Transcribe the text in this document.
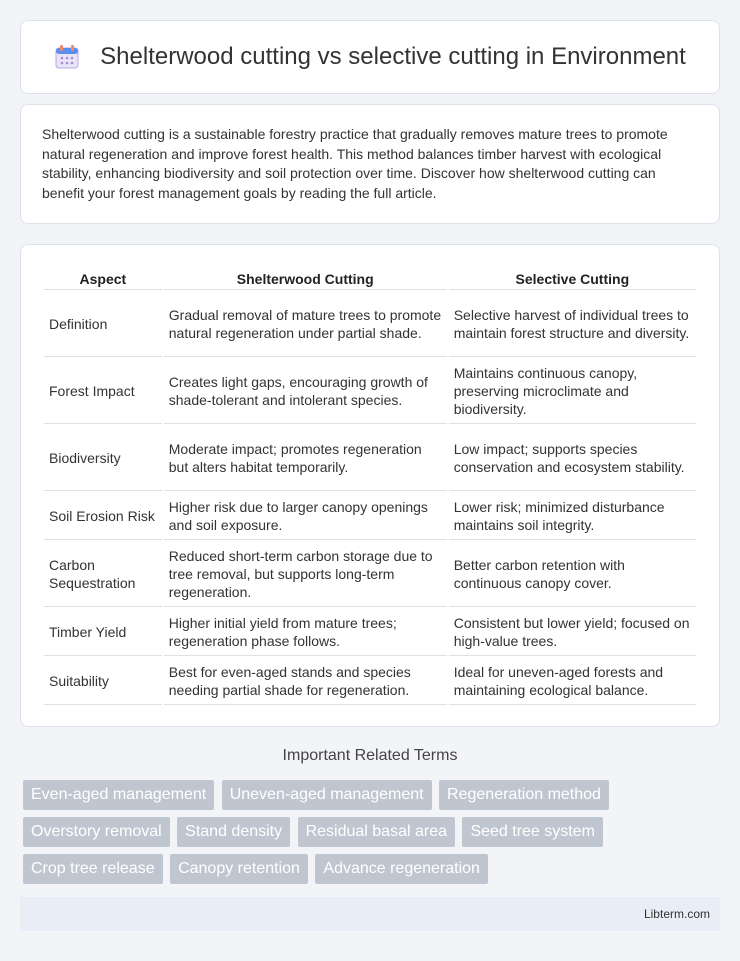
Shelterwood cutting vs selective cutting in Environment

Shelterwood cutting is a sustainable forestry practice that gradually removes mature trees to promote natural regeneration and improve forest health. This method balances timber harvest with ecological stability, enhancing biodiversity and soil protection over time. Discover how shelterwood cutting can benefit your forest management goals by reading the full article.

Aspect	Shelterwood Cutting	Selective Cutting
Definition	Gradual removal of mature trees to promote natural regeneration under partial shade.	Selective harvest of individual trees to maintain forest structure and diversity.
Forest Impact	Creates light gaps, encouraging growth of shade-tolerant and intolerant species.	Maintains continuous canopy, preserving microclimate and biodiversity.
Biodiversity	Moderate impact; promotes regeneration but alters habitat temporarily.	Low impact; supports species conservation and ecosystem stability.
Soil Erosion Risk	Higher risk due to larger canopy openings and soil exposure.	Lower risk; minimized disturbance maintains soil integrity.
Carbon Sequestration	Reduced short-term carbon storage due to tree removal, but supports long-term regeneration.	Better carbon retention with continuous canopy cover.
Timber Yield	Higher initial yield from mature trees; regeneration phase follows.	Consistent but lower yield; focused on high-value trees.
Suitability	Best for even-aged stands and species needing partial shade for regeneration.	Ideal for uneven-aged forests and maintaining ecological balance.
Important Related Terms
Even-aged management Uneven-aged management Regeneration method
Overstory removal Stand density Residual basal area Seed tree system
Crop tree release Canopy retention Advance regeneration
Libterm.com
